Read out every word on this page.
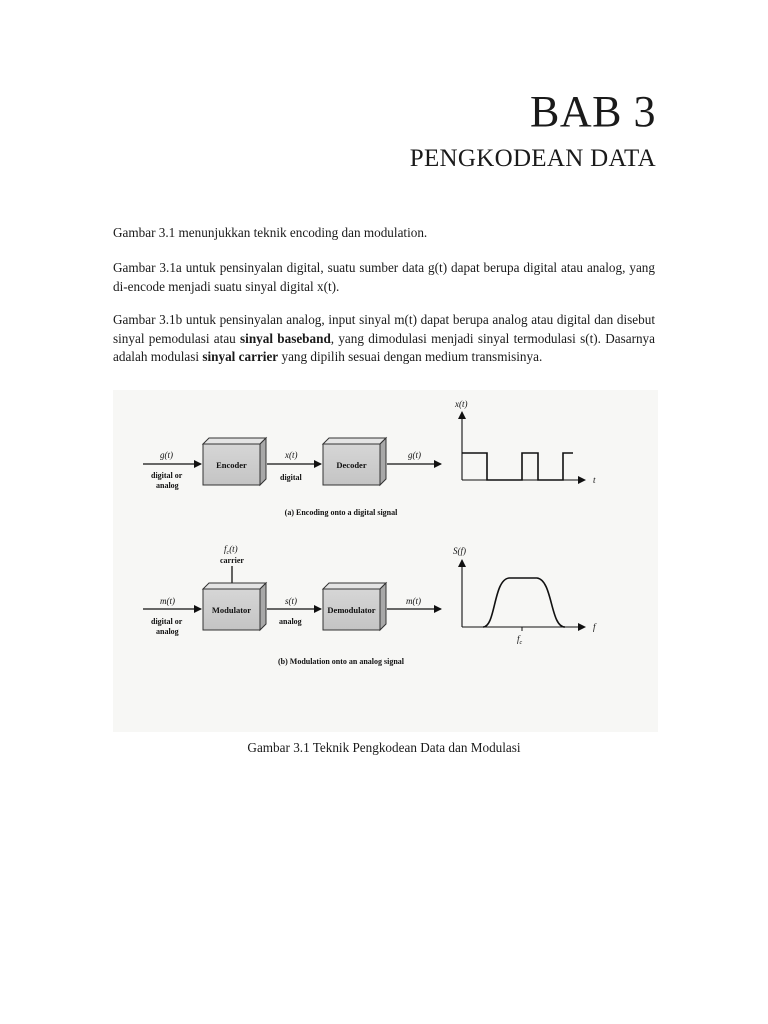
BAB 3
PENGKODEAN DATA

Gambar 3.1 menunjukkan teknik encoding dan modulation.

Gambar 3.1a untuk pensinyalan digital, suatu sumber data g(t) dapat berupa digital atau analog, yang di-encode menjadi suatu sinyal digital x(t).

Gambar 3.1b untuk pensinyalan analog, input sinyal m(t) dapat berupa analog atau digital dan disebut sinyal pemodulasi atau sinyal baseband, yang dimodulasi menjadi sinyal termodulasi s(t). Dasarnya adalah modulasi sinyal carrier yang dipilih sesuai dengan medium transmisinya.

g(t)
digital or
analog
Encoder
x(t)
digital
Decoder
g(t)
x(t)
t
(a) Encoding onto a digital signal
$f_c(t)$
carrier
m(t)
digital or
analog
Modulator
s(t)
analog
Demodulator
m(t)
S(f)
f
$f_c$
(b) Modulation onto an analog signal
Gambar 3.1 Teknik Pengkodean Data dan Modulasi
